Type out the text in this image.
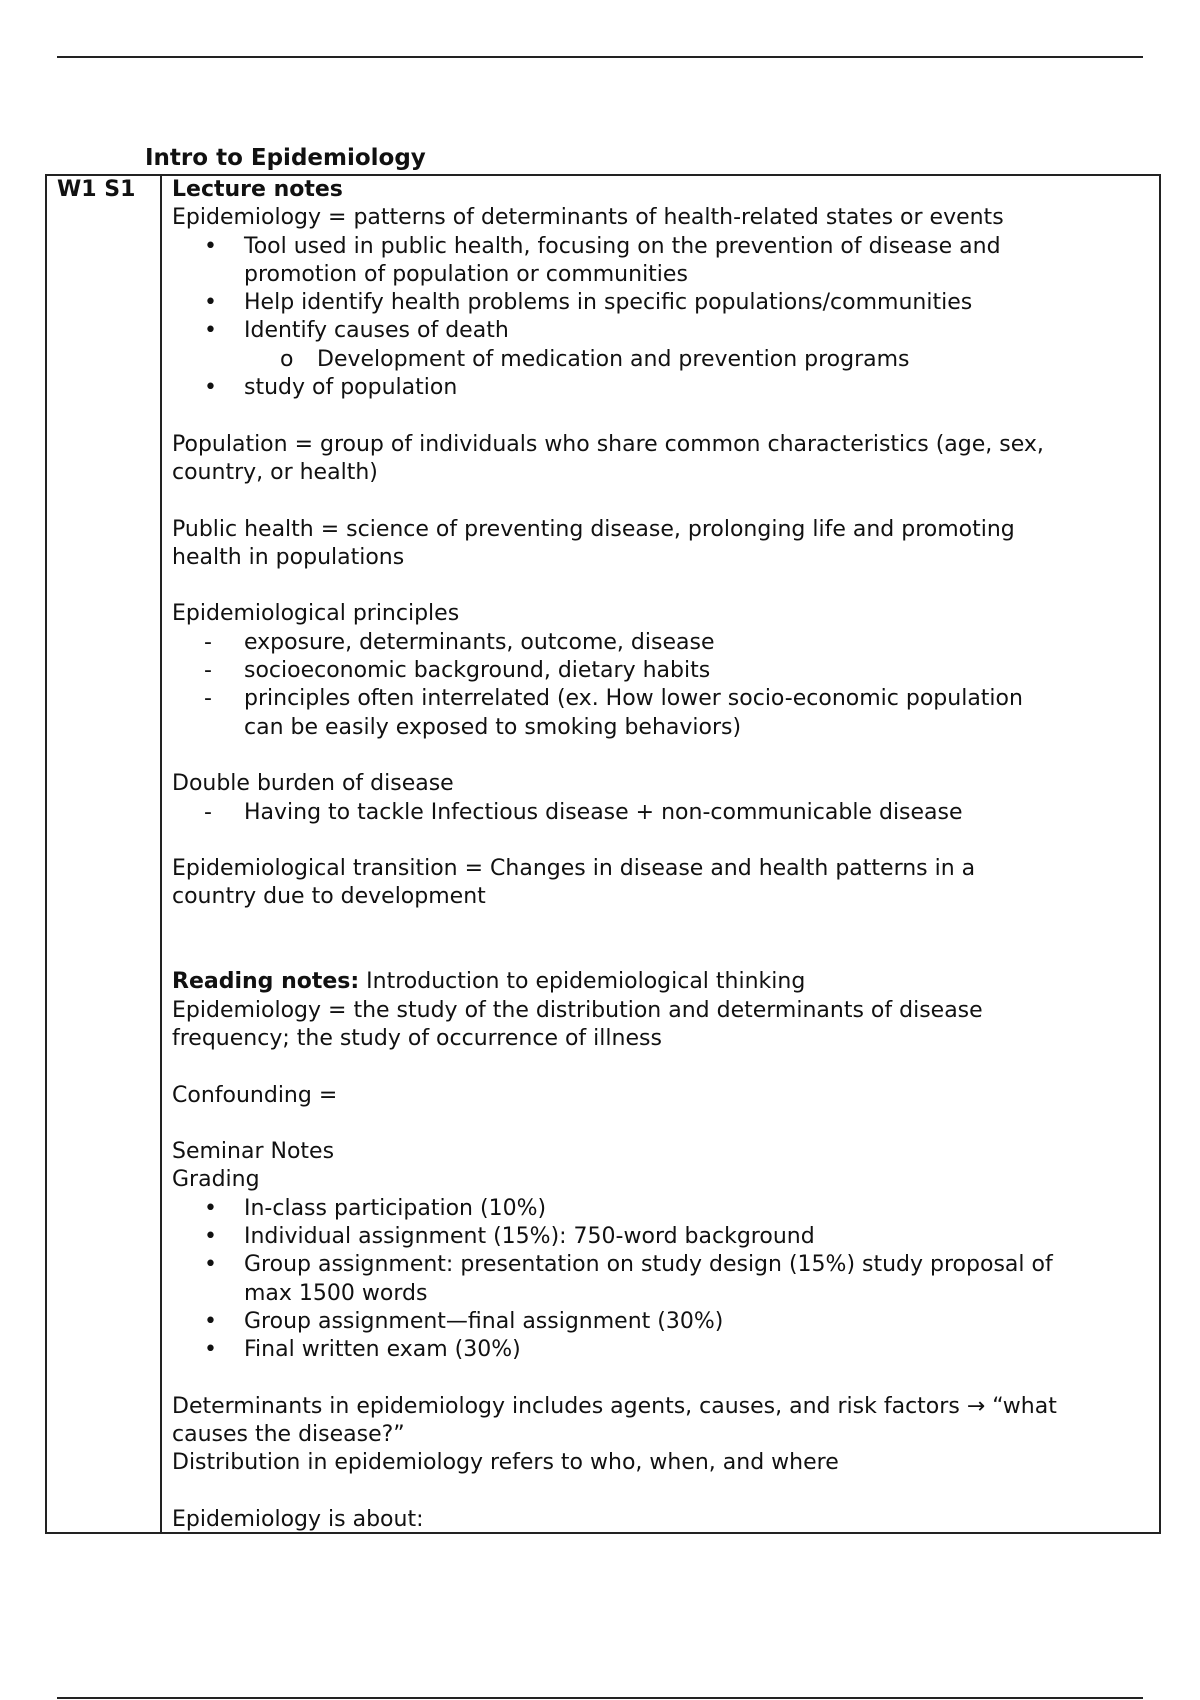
Intro to Epidemiology
W1 S1	Lecture notes
Epidemiology = patterns of determinants of health-related states or events
• Tool used in public health, focusing on the prevention of disease and
promotion of population or communities
• Help identify health problems in specific populations/communities
• Identify causes of death
o Development of medication and prevention programs
• study of population
Population = group of individuals who share common characteristics (age, sex,
country, or health)
Public health = science of preventing disease, prolonging life and promoting
health in populations
Epidemiological principles
- exposure, determinants, outcome, disease
- socioeconomic background, dietary habits
- principles often interrelated (ex. How lower socio-economic population
can be easily exposed to smoking behaviors)
Double burden of disease
- Having to tackle Infectious disease + non-communicable disease
Epidemiological transition = Changes in disease and health patterns in a
country due to development
Reading notes: Introduction to epidemiological thinking
Epidemiology = the study of the distribution and determinants of disease
frequency; the study of occurrence of illness
Confounding =
Seminar Notes
Grading
• In-class participation (10%)
• Individual assignment (15%): 750-word background
• Group assignment: presentation on study design (15%) study proposal of
max 1500 words
• Group assignment—final assignment (30%)
• Final written exam (30%)
Determinants in epidemiology includes agents, causes, and risk factors → “what
causes the disease?”
Distribution in epidemiology refers to who, when, and where
Epidemiology is about:
